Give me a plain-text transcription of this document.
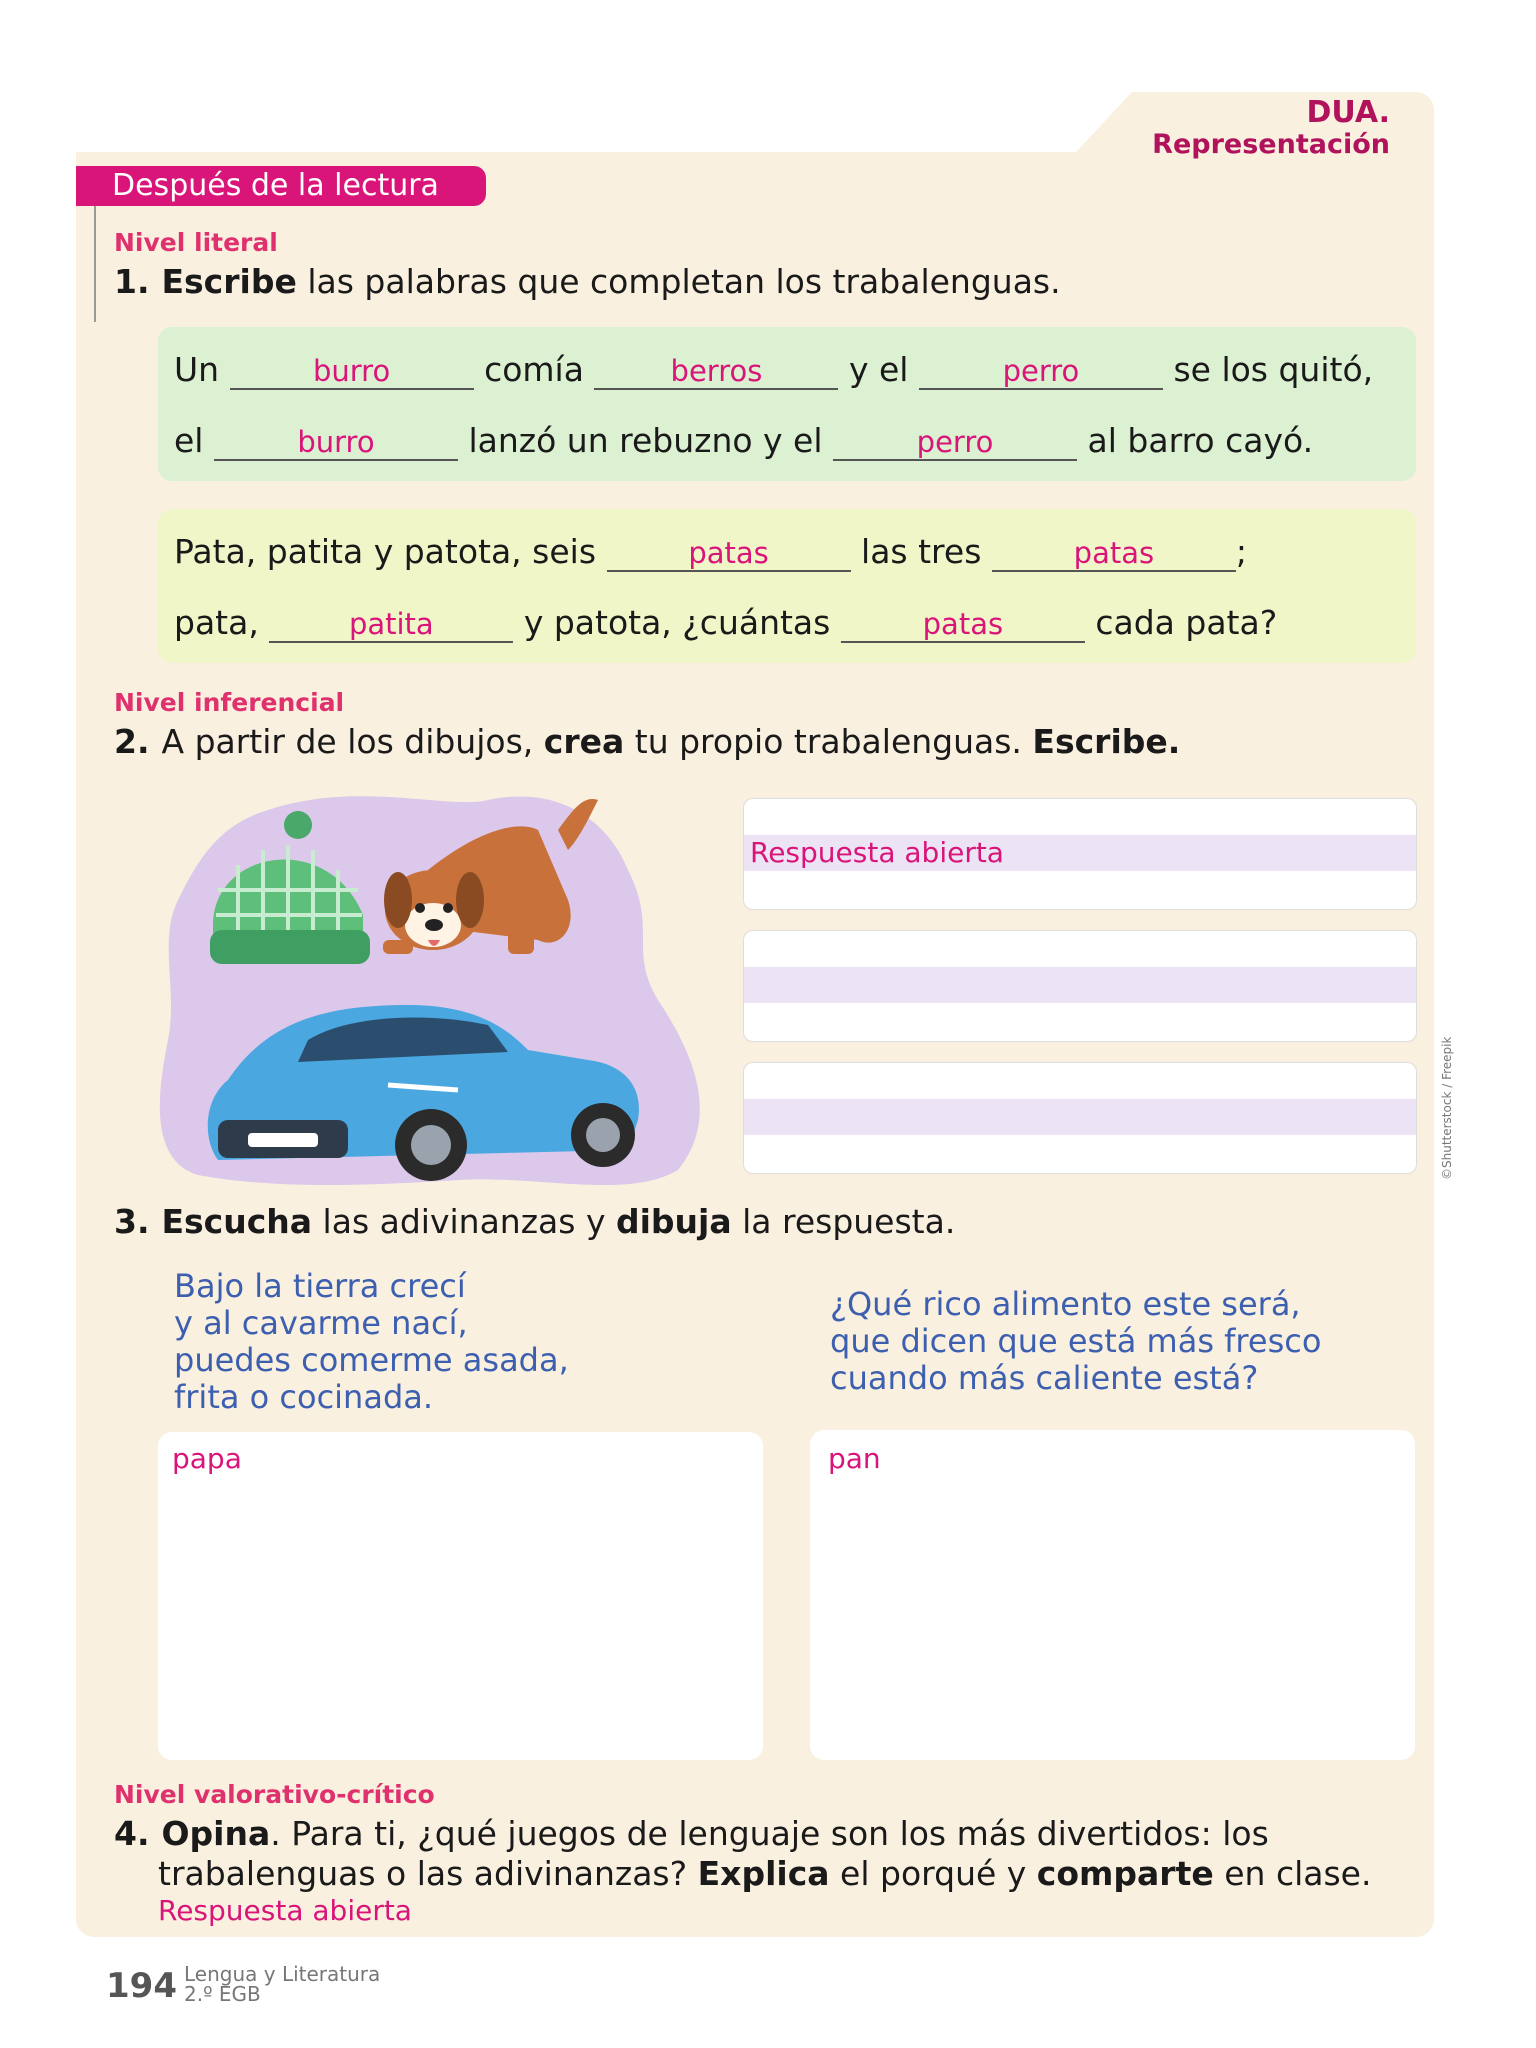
DUA.
Representación
Después de la lectura
Nivel literal
1. Escribe las palabras que completan los trabalenguas.
Un	burro	comía	berros	y el	perro	se los quitó,
el	burro	lanzó un rebuzno y el	perro	al barro cayó.
Pata, patita y patota, seis	patas	las tres	patas ;
pata,	patita	y patota, ¿cuántas	patas	cada pata?
Nivel inferencial
2. A partir de los dibujos, crea tu propio trabalenguas. Escribe.
Respuesta abierta
©Shutterstock / Freepik
3. Escucha las adivinanzas y dibuja la respuesta.
Bajo la tierra crecí
y al cavarme nací,
puedes comerme asada,
frita o cocinada.
¿Qué rico alimento este será,
que dicen que está más fresco
cuando más caliente está?
papa	pan
Nivel valorativo-crítico
4. Opina. Para ti, ¿qué juegos de lenguaje son los más divertidos: los
trabalenguas o las adivinanzas? Explica el porqué y comparte en clase.
Respuesta abierta
194 Lengua y Literatura
2.º EGB
